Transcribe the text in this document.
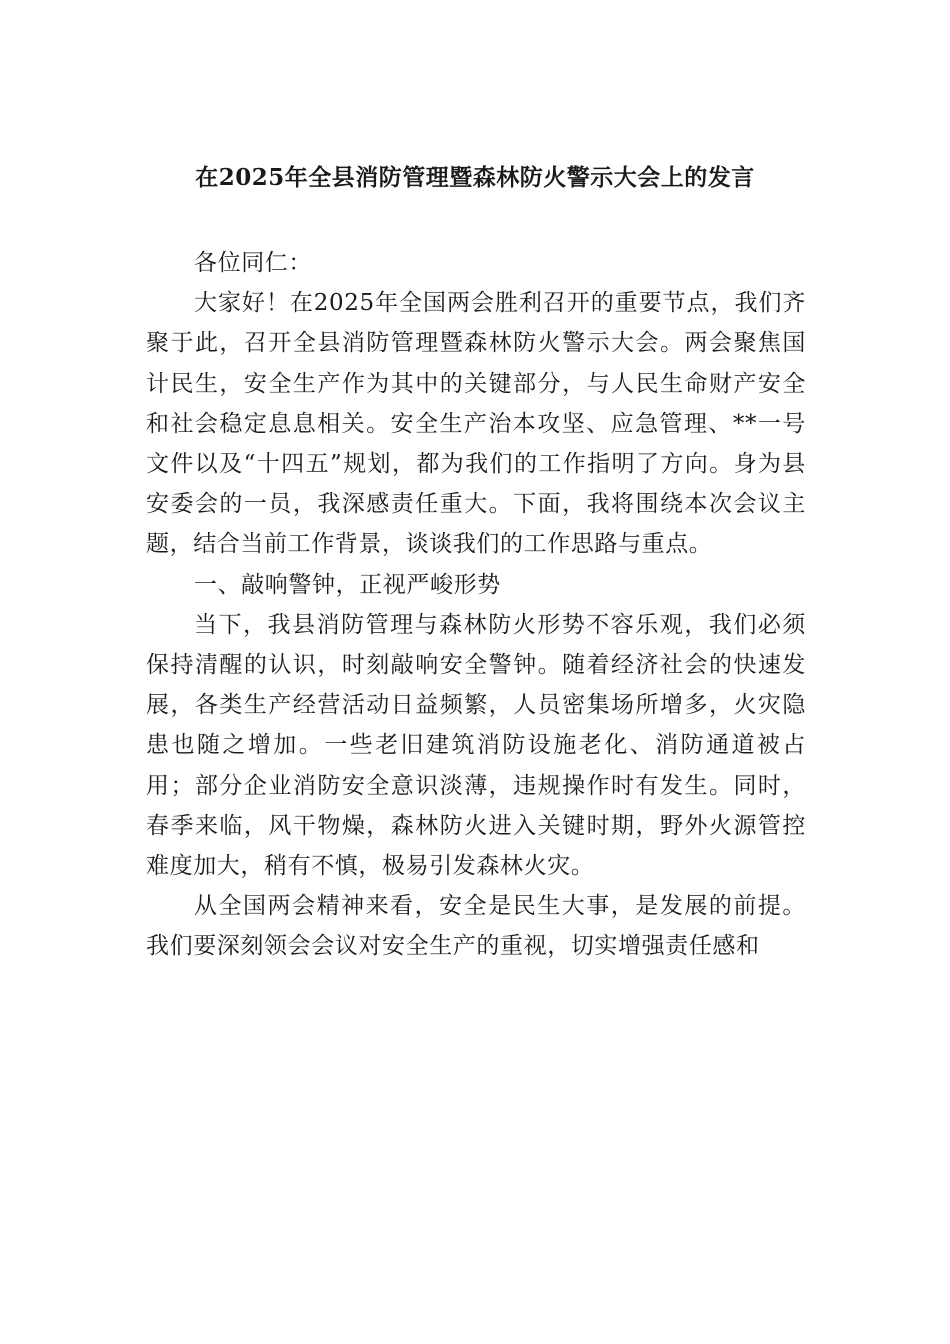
在2025年全县消防管理暨森林防火警示大会上的发言

各位同仁：

大家好！在2025年全国两会胜利召开的重要节点，我们齐聚于此，召开全县消防管理暨森林防火警示大会。两会聚焦国计民生，安全生产作为其中的关键部分，与人民生命财产安全和社会稳定息息相关。安全生产治本攻坚、应急管理、**一号文件以及“十四五”规划，都为我们的工作指明了方向。身为县安委会的一员，我深感责任重大。下面，我将围绕本次会议主题，结合当前工作背景，谈谈我们的工作思路与重点。

一、敲响警钟，正视严峻形势

当下，我县消防管理与森林防火形势不容乐观，我们必须保持清醒的认识，时刻敲响安全警钟。随着经济社会的快速发展，各类生产经营活动日益频繁，人员密集场所增多，火灾隐患也随之增加。一些老旧建筑消防设施老化、消防通道被占用；部分企业消防安全意识淡薄，违规操作时有发生。同时，春季来临，风干物燥，森林防火进入关键时期，野外火源管控难度加大，稍有不慎，极易引发森林火灾。

从全国两会精神来看，安全是民生大事，是发展的前提。我们要深刻领会会议对安全生产的重视，切实增强责任感和
